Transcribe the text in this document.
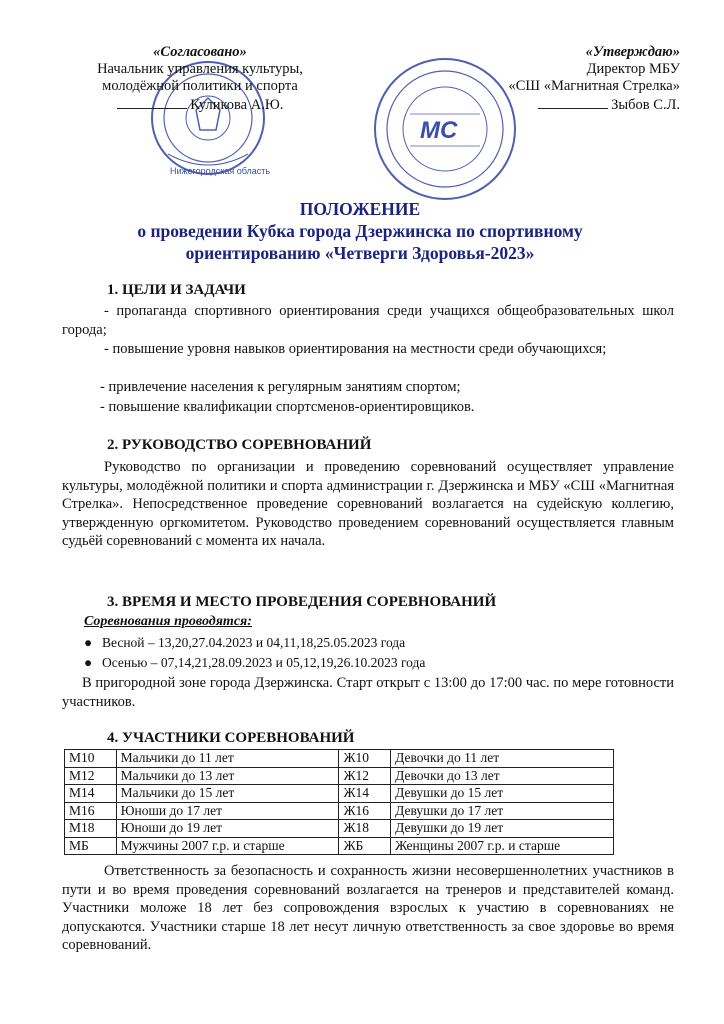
Нижегородская область
МС
«Согласовано»
Начальник управления культуры,
молодёжной политики и спорта
Куликова А.Ю.
«Утверждаю»
Директор МБУ
«СШ «Магнитная Стрелка»
Зыбов С.Л.
ПОЛОЖЕНИЕ
о проведении Кубка города Дзержинска по спортивному
ориентированию «Четверги Здоровья-2023»
1. ЦЕЛИ И ЗАДАЧИ
- пропаганда спортивного ориентирования среди учащихся общеобразовательных школ города;
- повышение уровня навыков ориентирования на местности среди обучающихся;
- привлечение населения к регулярным занятиям спортом;
- повышение квалификации спортсменов-ориентировщиков.
2. РУКОВОДСТВО СОРЕВНОВАНИЙ
Руководство по организации и проведению соревнований осуществляет управление культуры, молодёжной политики и спорта администрации г. Дзержинска и МБУ «СШ «Магнитная Стрелка». Непосредственное проведение соревнований возлагается на судейскую коллегию, утвержденную оргкомитетом. Руководство проведением соревнований осуществляется главным судьёй соревнований с момента их начала.
3. ВРЕМЯ И МЕСТО ПРОВЕДЕНИЯ СОРЕВНОВАНИЙ
Соревнования проводятся:
● Весной – 13,20,27.04.2023 и 04,11,18,25.05.2023 года
● Осенью – 07,14,21,28.09.2023 и 05,12,19,26.10.2023 года
В пригородной зоне города Дзержинска. Старт открыт с 13:00 до 17:00 час. по мере готовности участников.
4. УЧАСТНИКИ СОРЕВНОВАНИЙ
М10	Мальчики до 11 лет	Ж10	Девочки до 11 лет
М12	Мальчики до 13 лет	Ж12	Девочки до 13 лет
М14	Мальчики до 15 лет	Ж14	Девушки до 15 лет
М16	Юноши до 17 лет	Ж16	Девушки до 17 лет
М18	Юноши до 19 лет	Ж18	Девушки до 19 лет
МБ	Мужчины 2007 г.р. и старше	ЖБ	Женщины 2007 г.р. и старше
Ответственность за безопасность и сохранность жизни несовершеннолетних участников в пути и во время проведения соревнований возлагается на тренеров и представителей команд. Участники моложе 18 лет без сопровождения взрослых к участию в соревнованиях не допускаются. Участники старше 18 лет несут личную ответственность за свое здоровье во время соревнований.
